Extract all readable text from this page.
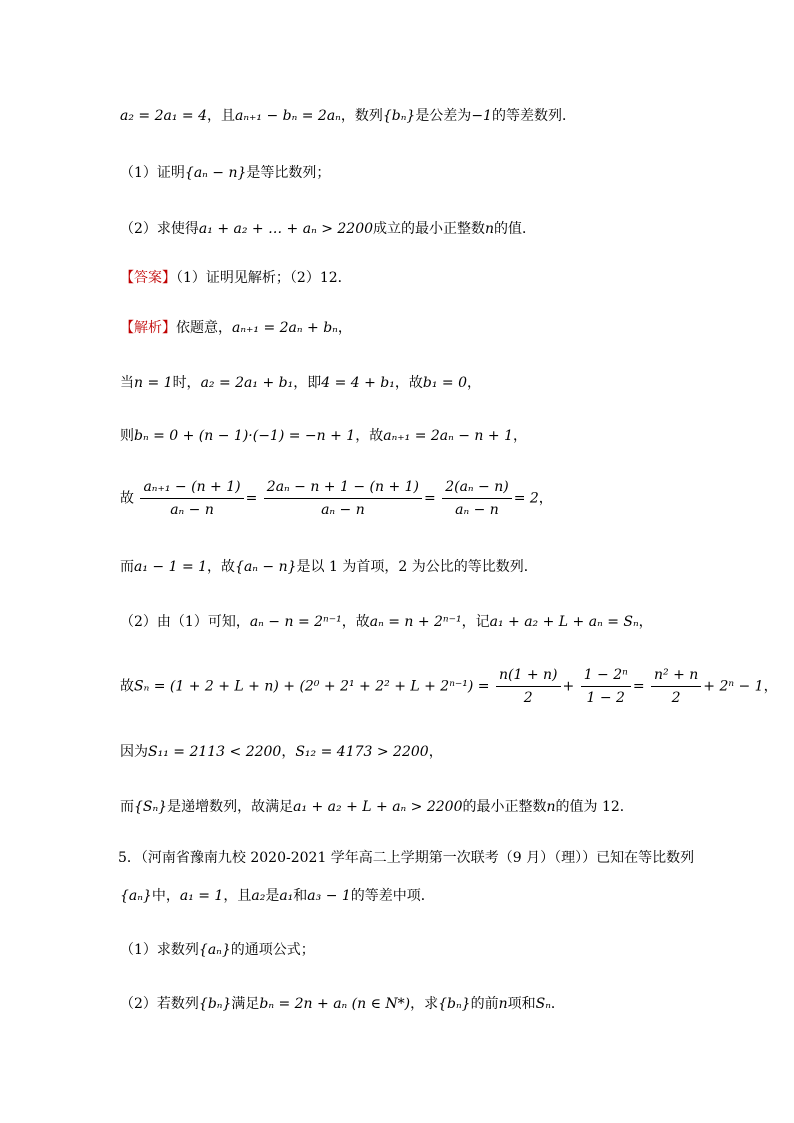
a₂ = 2a₁ = 4，且aₙ₊₁ − bₙ = 2aₙ，数列{bₙ}是公差为−1的等差数列．
（1）证明{aₙ − n}是等比数列；
（2）求使得a₁ + a₂ + … + aₙ > 2200成立的最小正整数n的值．
【答案】（1）证明见解析；（2）12．
【解析】依题意，aₙ₊₁ = 2aₙ + bₙ，
当n = 1时，a₂ = 2a₁ + b₁，即4 = 4 + b₁，故b₁ = 0，
则bₙ = 0 + (n − 1)·(−1) = −n + 1，故aₙ₊₁ = 2aₙ − n + 1，
故 $\frac{\text{aₙ₊₁ − (n + 1)}}{\text{aₙ − n}} = \frac{\text{2aₙ − n + 1 − (n + 1)}}{\text{aₙ − n}} = \frac{\text{2(aₙ − n)}}{\text{aₙ − n}} = 2$，
而a₁ − 1 = 1，故{aₙ − n}是以 1 为首项，2 为公比的等比数列．
（2）由（1）可知，aₙ − n = 2ⁿ⁻¹，故aₙ = n + 2ⁿ⁻¹，记a₁ + a₂ + L + aₙ = Sₙ，
故$S_n = (1 + 2 + L + n) + (2^0 + 2^1 + 2^2 + L + 2^{n-1}) = \frac{n(1 + n)}{2} + \frac{\text{1 − 2ⁿ}}{1 - 2} = \frac{\text{n² + n}}{2} + 2^n - 1$，
因为S₁₁ = 2113 < 2200，S₁₂ = 4173 > 2200，
而{Sₙ}是递增数列，故满足a₁ + a₂ + L + aₙ > 2200的最小正整数n的值为 12．
5．（河南省豫南九校 2020-2021 学年高二上学期第一次联考（9 月）（理））已知在等比数列
{aₙ}中，a₁ = 1，且a₂是a₁和a₃ − 1的等差中项．
（1）求数列{aₙ}的通项公式；
（2）若数列{bₙ}满足bₙ = 2n + aₙ (n ∈ N*)，求{bₙ}的前n项和Sₙ．
